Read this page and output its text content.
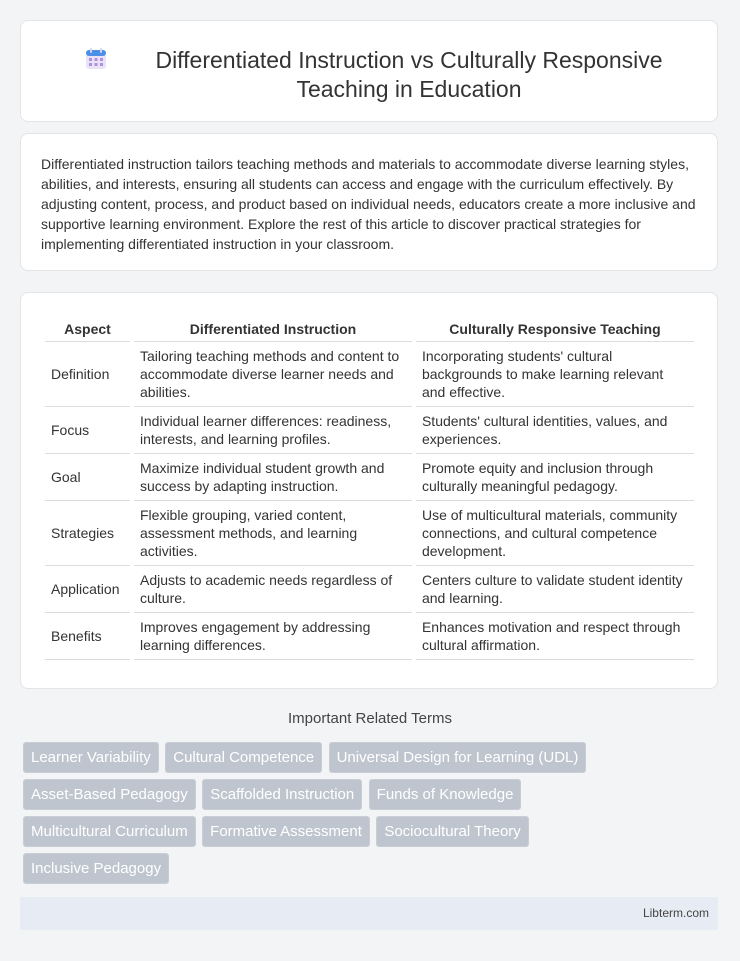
Differentiated Instruction vs Culturally Responsive
Teaching in Education

Differentiated instruction tailors teaching methods and materials to accommodate diverse learning styles, abilities, and interests, ensuring all students can access and engage with the curriculum effectively. By adjusting content, process, and product based on individual needs, educators create a more inclusive and supportive learning environment. Explore the rest of this article to discover practical strategies for implementing differentiated instruction in your classroom.

Aspect	Differentiated Instruction	Culturally Responsive Teaching
Definition	Tailoring teaching methods and content to accommodate diverse learner needs and abilities.	Incorporating students' cultural backgrounds to make learning relevant and effective.
Focus	Individual learner differences: readiness, interests, and learning profiles.	Students' cultural identities, values, and experiences.
Goal	Maximize individual student growth and success by adapting instruction.	Promote equity and inclusion through culturally meaningful pedagogy.
Strategies	Flexible grouping, varied content, assessment methods, and learning activities.	Use of multicultural materials, community connections, and cultural competence development.
Application	Adjusts to academic needs regardless of culture.	Centers culture to validate student identity and learning.
Benefits	Improves engagement by addressing learning differences.	Enhances motivation and respect through cultural affirmation.
Important Related Terms
Learner Variability Cultural Competence Universal Design for Learning (UDL)
Asset-Based Pedagogy Scaffolded Instruction Funds of Knowledge
Multicultural Curriculum Formative Assessment Sociocultural Theory
Inclusive Pedagogy
Libterm.com
